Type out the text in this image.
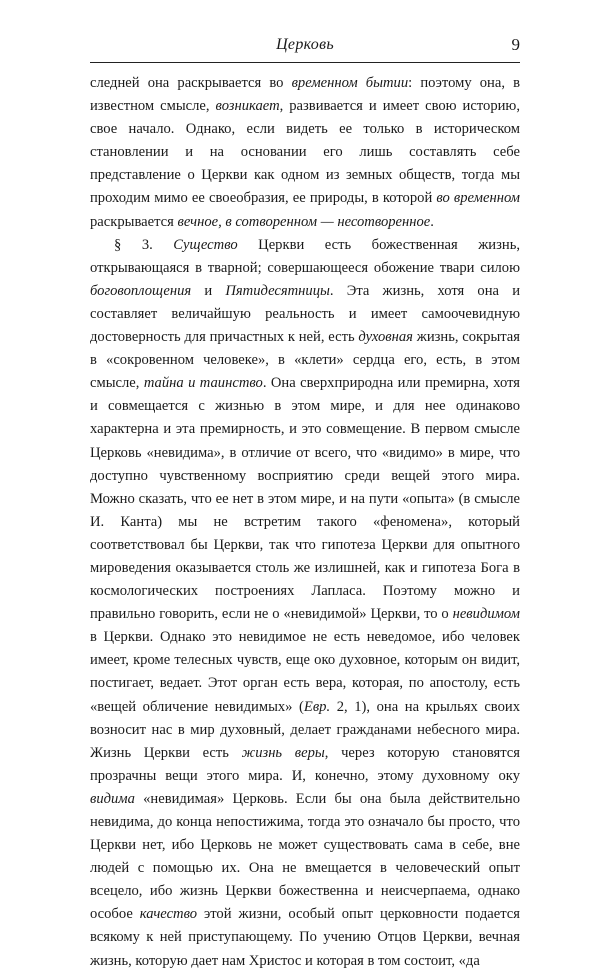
Церковь	9

следней она раскрывается во временном бытии: поэтому она, в известном смысле, возникает, развивается и имеет свою историю, свое начало. Однако, если видеть ее только в историческом становлении и на основании его лишь составлять себе представление о Церкви как одном из земных обществ, тогда мы проходим мимо ее своеобразия, ее природы, в которой во временном раскрывается вечное, в сотворенном — несотворенное.

§ 3. Существо Церкви есть божественная жизнь, открывающаяся в тварной; совершающееся обожение твари силою боговоплощения и Пятидесятницы. Эта жизнь, хотя она и составляет величайшую реальность и имеет самоочевидную достоверность для причастных к ней, есть духовная жизнь, сокрытая в «сокровенном человеке», в «клети» сердца его, есть, в этом смысле, тайна и таинство. Она сверхприродна или премирна, хотя и совмещается с жизнью в этом мире, и для нее одинаково характерна и эта премирность, и это совмещение. В первом смысле Церковь «невидима», в отличие от всего, что «видимо» в мире, что доступно чувственному восприятию среди вещей этого мира. Можно сказать, что ее нет в этом мире, и на пути «опыта» (в смысле И. Канта) мы не встретим такого «феномена», который соответствовал бы Церкви, так что гипотеза Церкви для опытного мироведения оказывается столь же излишней, как и гипотеза Бога в космологических построениях Лапласа. Поэтому можно и правильно говорить, если не о «невидимой» Церкви, то о невидимом в Церкви. Однако это невидимое не есть неведомое, ибо человек имеет, кроме телесных чувств, еще око духовное, которым он видит, постигает, ведает. Этот орган есть вера, которая, по апостолу, есть «вещей обличение невидимых» (Евр. 2, 1), она на крыльях своих возносит нас в мир духовный, делает гражданами небесного мира. Жизнь Церкви есть жизнь веры, через которую становятся прозрачны вещи этого мира. И, конечно, этому духовному оку видима «невидимая» Церковь. Если бы она была действительно невидима, до конца непостижима, тогда это означало бы просто, что Церкви нет, ибо Церковь не может существовать сама в себе, вне людей с помощью их. Она не вмещается в человеческий опыт всецело, ибо жизнь Церкви божественна и неисчерпаема, однако особое качество этой жизни, особый опыт церковности подается всякому к ней приступающему. По учению Отцов Церкви, вечная жизнь, которую дает нам Христос и которая в том состоит, «да
